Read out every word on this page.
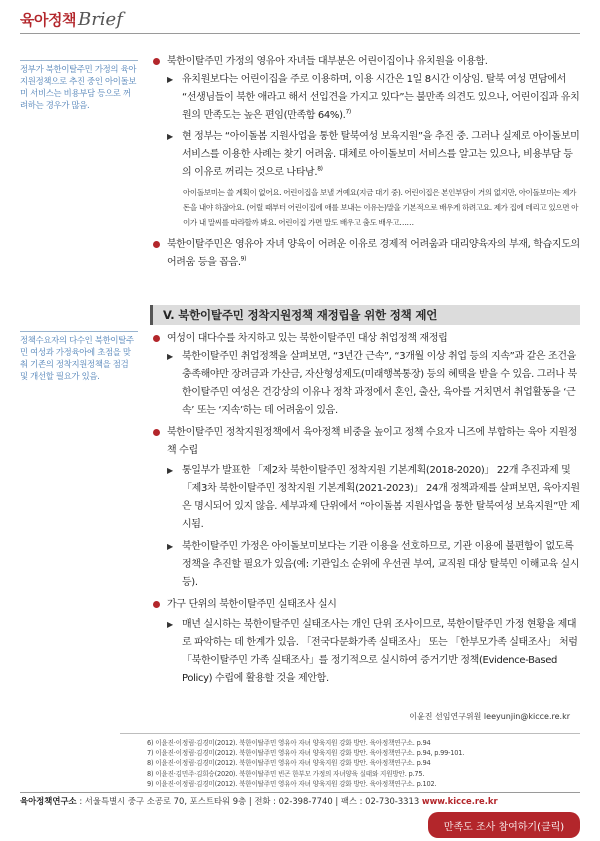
육아정책 Brief
정부가 북한이탈주민 가정의 육아지원정책으로 추진 중인 아이돌보미 서비스는 비용부담 등으로 꺼려하는 경우가 많음.
정책수요자의 다수인 북한이탈주민 여성과 가정육아에 초점을 맞춰 기존의 정착지원정책을 점검 및 개선할 필요가 있음.
북한이탈주민 가정의 영유아 자녀들 대부분은 어린이집이나 유치원을 이용함.
▶ 유치원보다는 어린이집을 주로 이용하며, 이용 시간은 1일 8시간 이상임. 탈북 여성 면담에서 “선생님들이 북한 애라고 해서 선입견을 가지고 있다”는 불만족 의견도 있으나, 어린이집과 유치원의 만족도는 높은 편임(만족함 64%).$^{7)}$
▶ 현 정부는 “아이돌봄 지원사업을 통한 탈북여성 보육지원”을 추진 중. 그러나 실제로 아이돌보미 서비스를 이용한 사례는 찾기 어려움. 대체로 아이돌보미 서비스를 알고는 있으나, 비용부담 등의 이유로 꺼리는 것으로 나타남.$^{8)}$
아이돌보미는 쓸 계획이 없어요. 어린이집을 보낼 거예요(지금 대기 중). 어린이집은 본인부담이 거의 없지만, 아이돌보미는 제가 돈을 내야 하잖아요. (어릴 때부터 어린이집에 애를 보내는 이유는)말을 기본적으로 배우게 하려고요. 제가 집에 데리고 있으면 아이가 내 말씨를 따라할까 봐요. 어린이집 가면 말도 배우고 춤도 배우고……
북한이탈주민은 영유아 자녀 양육이 어려운 이유로 경제적 어려움과 대리양육자의 부재, 학습지도의 어려움 등을 꼽음.$^{9)}$
V. 북한이탈주민 정착지원정책 재정립을 위한 정책 제언
여성이 대다수를 차지하고 있는 북한이탈주민 대상 취업정책 재정립
▶ 북한이탈주민 취업정책을 살펴보면, “3년간 근속”, “3개월 이상 취업 등의 지속”과 같은 조건을 충족해야만 장려금과 가산금, 자산형성제도(미래행복통장) 등의 혜택을 받을 수 있음. 그러나 북한이탈주민 여성은 건강상의 이유나 정착 과정에서 혼인, 출산, 육아를 거치면서 취업활동을 ‘근속’ 또는 ‘지속’하는 데 어려움이 있음.
북한이탈주민 정착지원정책에서 육아정책 비중을 높이고 정책 수요자 니즈에 부합하는 육아 지원정책 수립
▶ 통일부가 발표한 「제2차 북한이탈주민 정착지원 기본계획(2018-2020)」 22개 추진과제 및 「제3차 북한이탈주민 정착지원 기본계획(2021-2023)」 24개 정책과제를 살펴보면, 육아지원은 명시되어 있지 않음. 세부과제 단위에서 “아이돌봄 지원사업을 통한 탈북여성 보육지원”만 제시됨.
▶ 북한이탈주민 가정은 아이돌보미보다는 기관 이용을 선호하므로, 기관 이용에 불편함이 없도록 정책을 추진할 필요가 있음(예: 기관입소 순위에 우선권 부여, 교직원 대상 탈북민 이해교육 실시 등).
가구 단위의 북한이탈주민 실태조사 실시
▶ 매년 실시하는 북한이탈주민 실태조사는 개인 단위 조사이므로, 북한이탈주민 가정 현황을 제대로 파악하는 데 한계가 있음. 「전국다문화가족 실태조사」 또는 「한부모가족 실태조사」 처럼 「북한이탈주민 가족 실태조사」를 정기적으로 실시하여 증거기반 정책(Evidence-Based Policy) 수립에 활용할 것을 제안함.
이윤진 선임연구위원 leeyunjin@kicce.re.kr
6) 이윤진·이정림·김경미(2012). 북한이탈주민 영유아 자녀 양육지원 강화 방안. 육아정책연구소. p.94
7) 이윤진·이정림·김경미(2012). 북한이탈주민 영유아 자녀 양육지원 강화 방안. 육아정책연구소. p.94, p.99-101.
8) 이윤진·이정림·김경미(2012). 북한이탈주민 영유아 자녀 양육지원 강화 방안. 육아정책연구소. p.94
8) 이윤진·김민주·김희승(2020). 북한이탈주민 빈곤 한부모 가정의 자녀양육 실태와 지원방안. p.75.
9) 이윤진·이정림·김경미(2012). 북한이탈주민 영유아 자녀 양육지원 강화 방안. 육아정책연구소. p.102.
육아정책연구소 : 서울특별시 중구 소공로 70, 포스트타워 9층 | 전화 : 02-398-7740 | 팩스 : 02-730-3313 www.kicce.re.kr
만족도 조사 참여하기(클릭)
